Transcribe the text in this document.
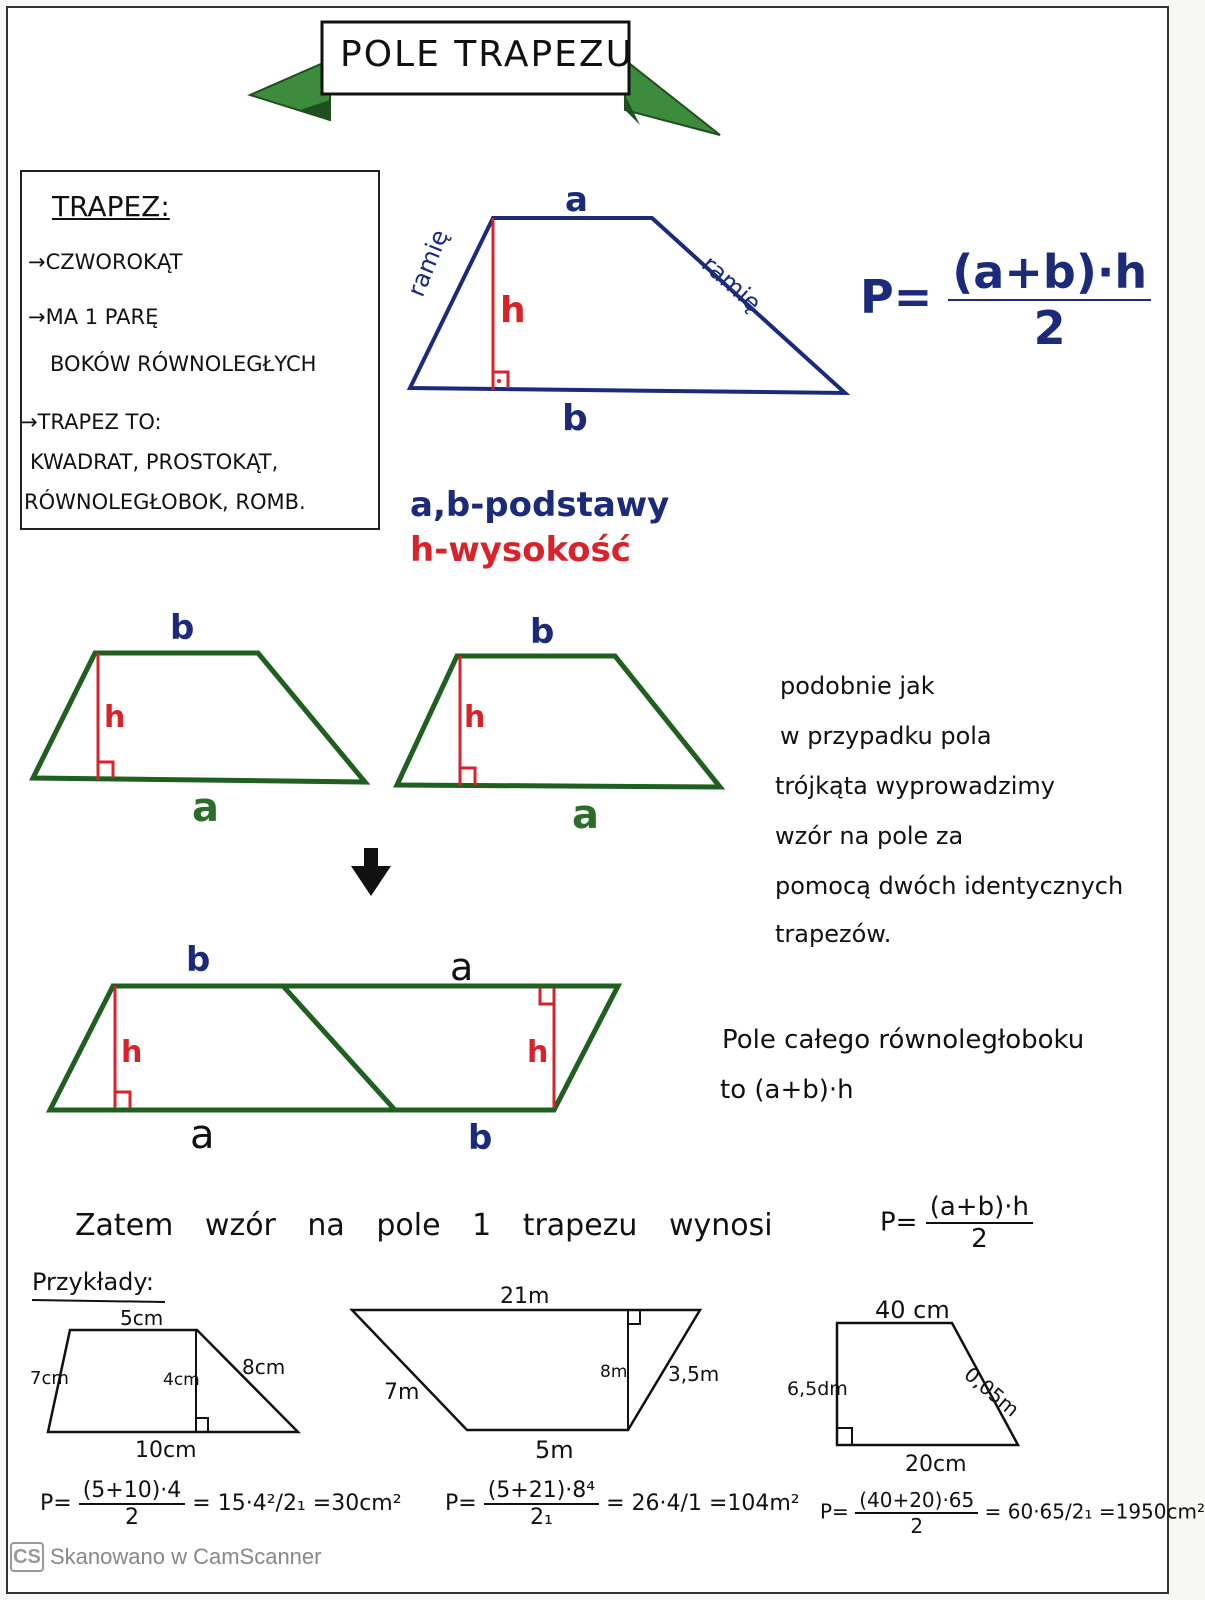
POLE TRAPEZU
TRAPEZ:
→CZWOROKĄT
→MA 1 PARĘ
BOKÓW RÓWNOLEGŁYCH
→TRAPEZ TO:
KWADRAT, PROSTOKĄT,
RÓWNOLEGŁOBOK, ROMB.
a
b
h
ramię	ramię $P= \frac{(a+b)\cdot h}{2}$
a,b-podstawy
h-wysokość
b
a
h
b
a
h
podobnie jak
w przypadku pola
trójkąta wyprowadzimy
wzór na pole za
pomocą dwóch identycznych
trapezów.
b	a
a	b
h	h	Pole całego równoległoboku
to (a+b)·h
Zatem wzór na pole 1 trapezu wynosi	$P= \frac{(a+b)\cdot h}{2}$
Przykłady:
5cm
7cm	4cm
8cm
10cm
$P= \frac{(5+10)\cdot 4}{2} = 15\cdot 4^2/2_1 =30cm^2$
21m
7m
8m 3,5m
5m
$P= \frac{\text{(5+21)·8⁴}}{\text{2₁}} = 26\cdot 4/1 =104m^2$
40 cm
6,5dm	0,05m
20cm
$P= \frac{(40+20)\cdot 65}{2} = 60\cdot 65/2_1 =1950cm^2$
CS Skanowano w CamScanner
